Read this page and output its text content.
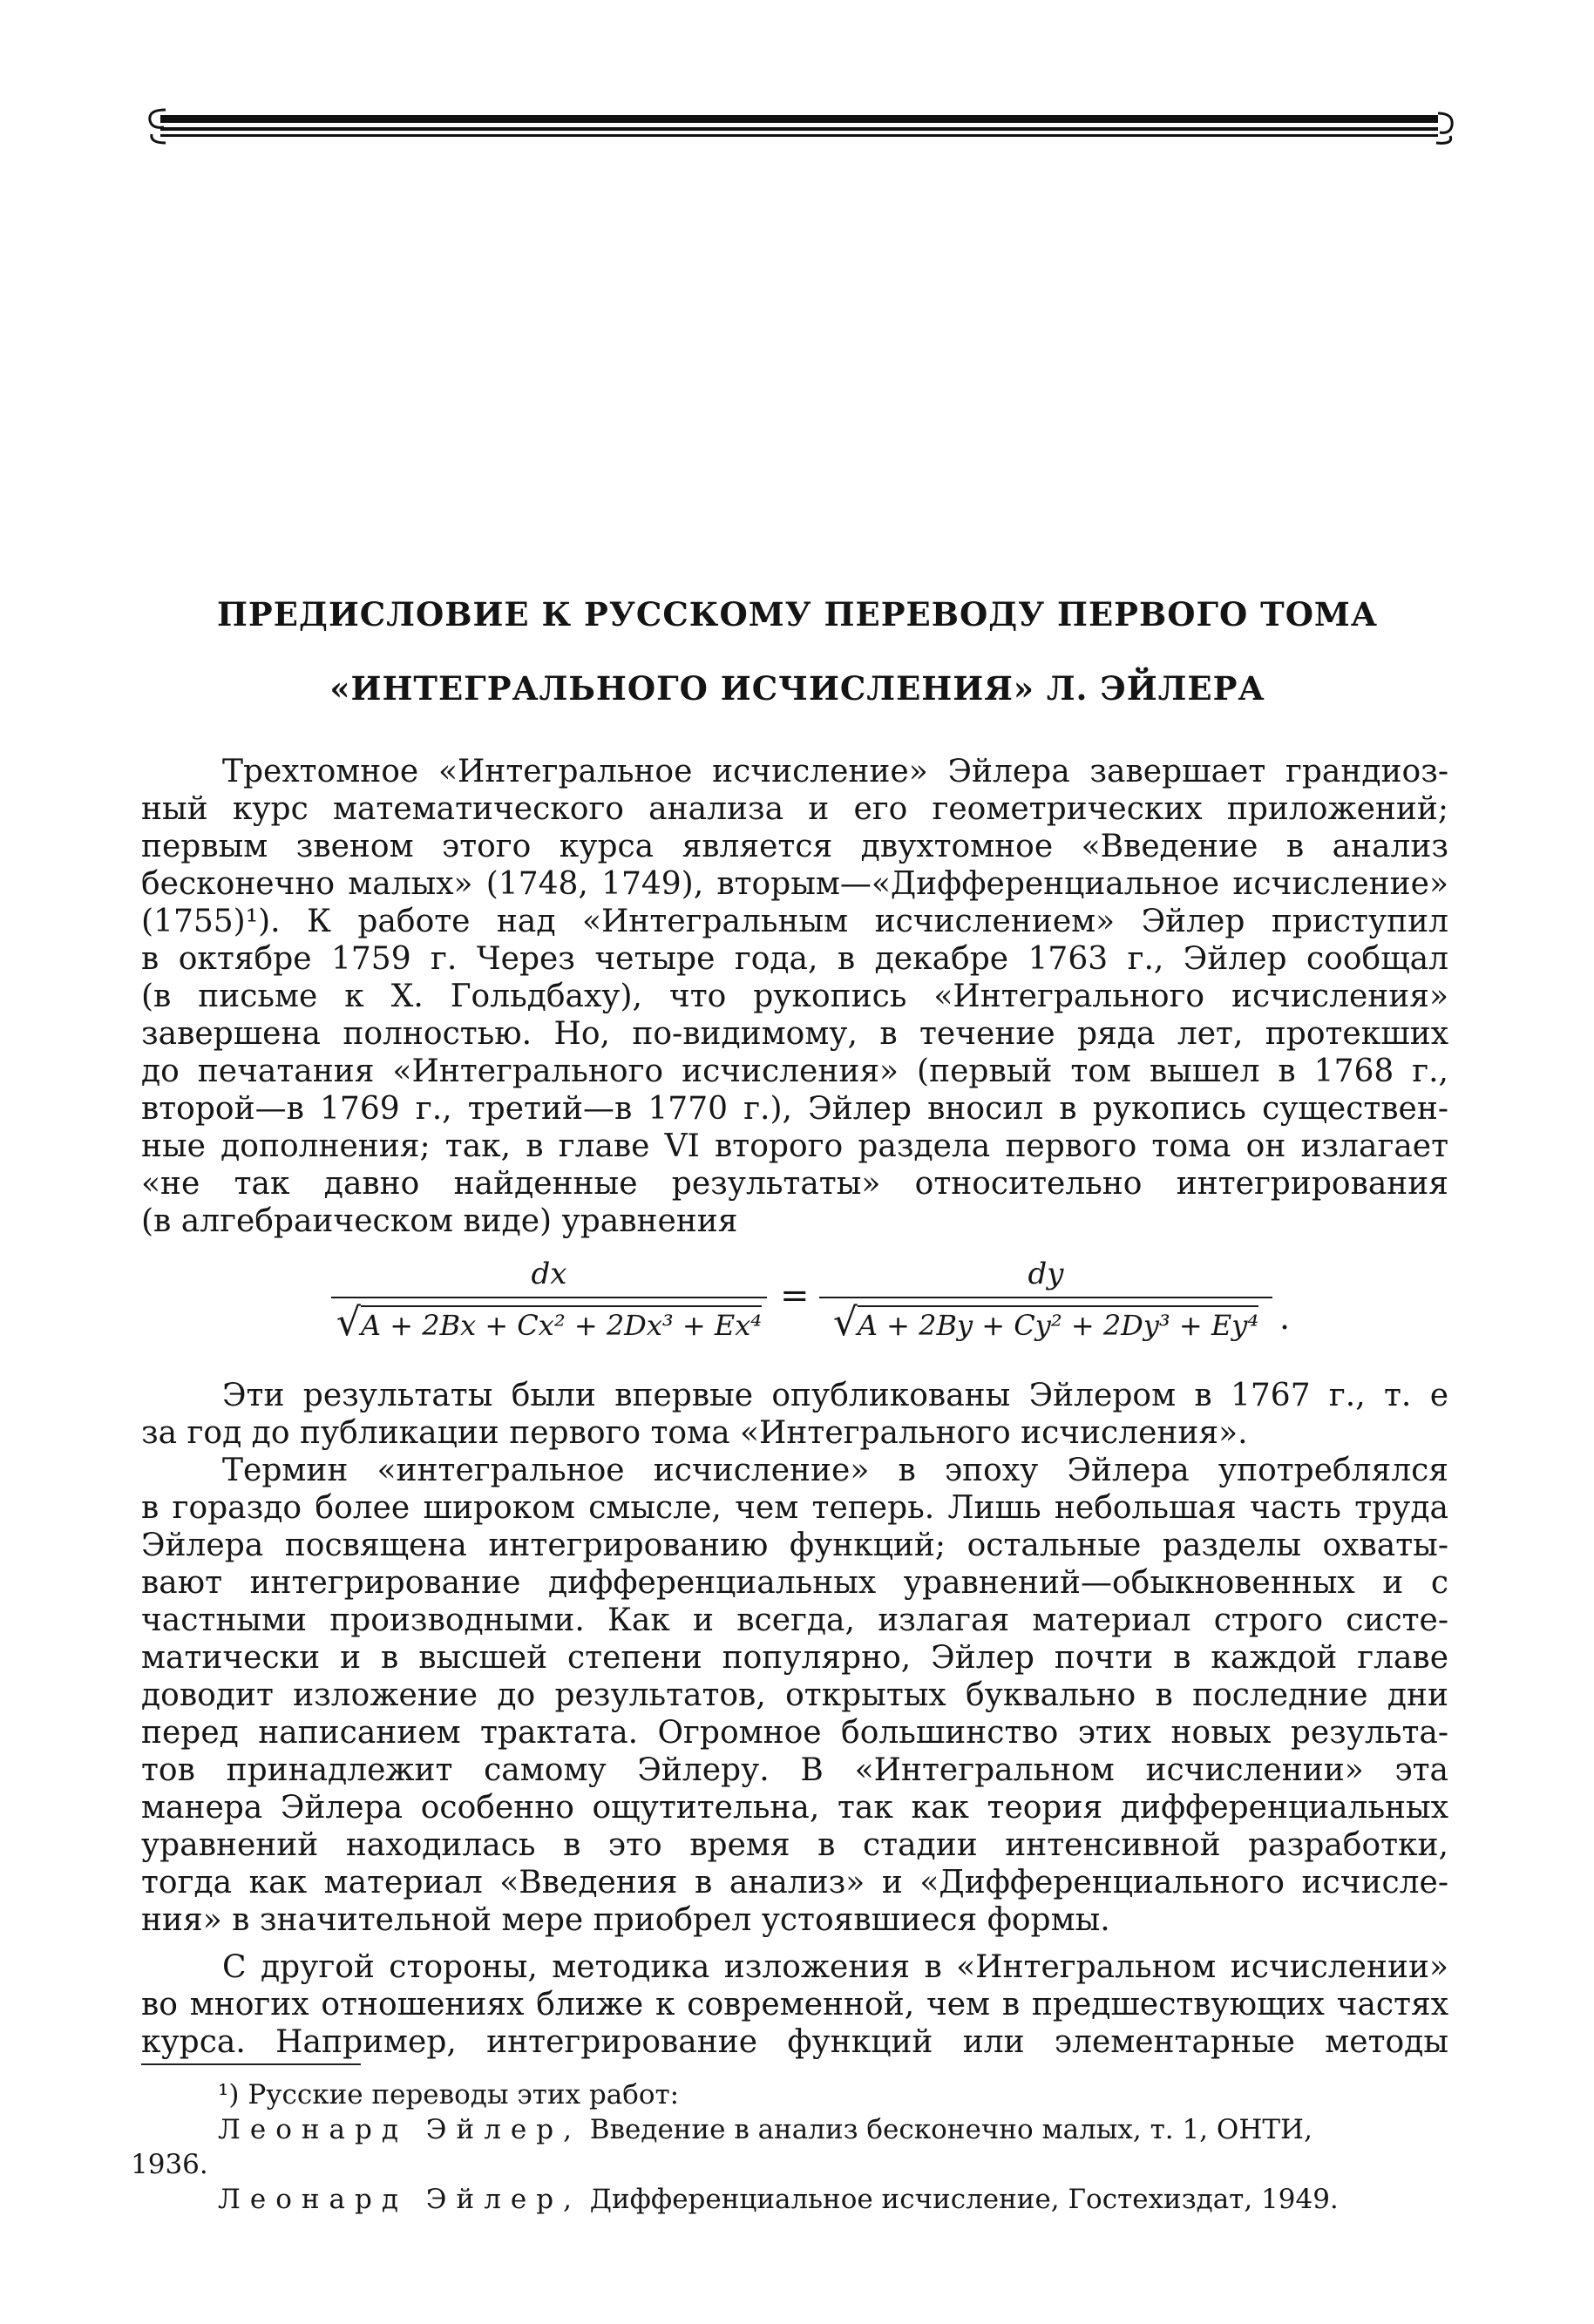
ПРЕДИСЛОВИЕ К РУССКОМУ ПЕРЕВОДУ ПЕРВОГО ТОМА
«ИНТЕГРАЛЬНОГО ИСЧИСЛЕНИЯ» Л. ЭЙЛЕРА
Трехтомное «Интегральное исчисление» Эйлера завершает грандиоз-
ный курс математического анализа и его геометрических приложений;
первым звеном этого курса является двухтомное «Введение в анализ
бесконечно малых» (1748, 1749), вторым—«Дифференциальное исчисление»
(1755)¹). К работе над «Интегральным исчислением» Эйлер приступил
в октябре 1759 г. Через четыре года, в декабре 1763 г., Эйлер сообщал
(в письме к Х. Гольдбаху), что рукопись «Интегрального исчисления»
завершена полностью. Но, по-видимому, в течение ряда лет, протекших
до печатания «Интегрального исчисления» (первый том вышел в 1768 г.,
второй—в 1769 г., третий—в 1770 г.), Эйлер вносил в рукопись существен-
ные дополнения; так, в главе VI второго раздела первого тома он излагает
«не так давно найденные результаты» относительно интегрирования
(в алгебраическом виде) уравнения
dx
√A + 2Bx + Cx² + 2Dx³ + Ex⁴
=
dy
√A + 2By + Cy² + 2Dy³ + Ey⁴ .
Эти результаты были впервые опубликованы Эйлером в 1767 г., т. е
за год до публикации первого тома «Интегрального исчисления».
Термин «интегральное исчисление» в эпоху Эйлера употреблялся
в гораздо более широком смысле, чем теперь. Лишь небольшая часть труда
Эйлера посвящена интегрированию функций; остальные разделы охваты-
вают интегрирование дифференциальных уравнений—обыкновенных и с
частными производными. Как и всегда, излагая материал строго систе-
матически и в высшей степени популярно, Эйлер почти в каждой главе
доводит изложение до результатов, открытых буквально в последние дни
перед написанием трактата. Огромное большинство этих новых результа-
тов принадлежит самому Эйлеру. В «Интегральном исчислении» эта
манера Эйлера особенно ощутительна, так как теория дифференциальных
уравнений находилась в это время в стадии интенсивной разработки,
тогда как материал «Введения в анализ» и «Дифференциального исчисле-
ния» в значительной мере приобрел устоявшиеся формы.
С другой стороны, методика изложения в «Интегральном исчислении»
во многих отношениях ближе к современной, чем в предшествующих частях
курса. Например, интегрирование функций или элементарные методы
¹) Русские переводы этих работ:
Леонард Эйлер, Введение в анализ бесконечно малых, т. 1, ОНТИ,
1936.
Леонард Эйлер, Дифференциальное исчисление, Гостехиздат, 1949.
